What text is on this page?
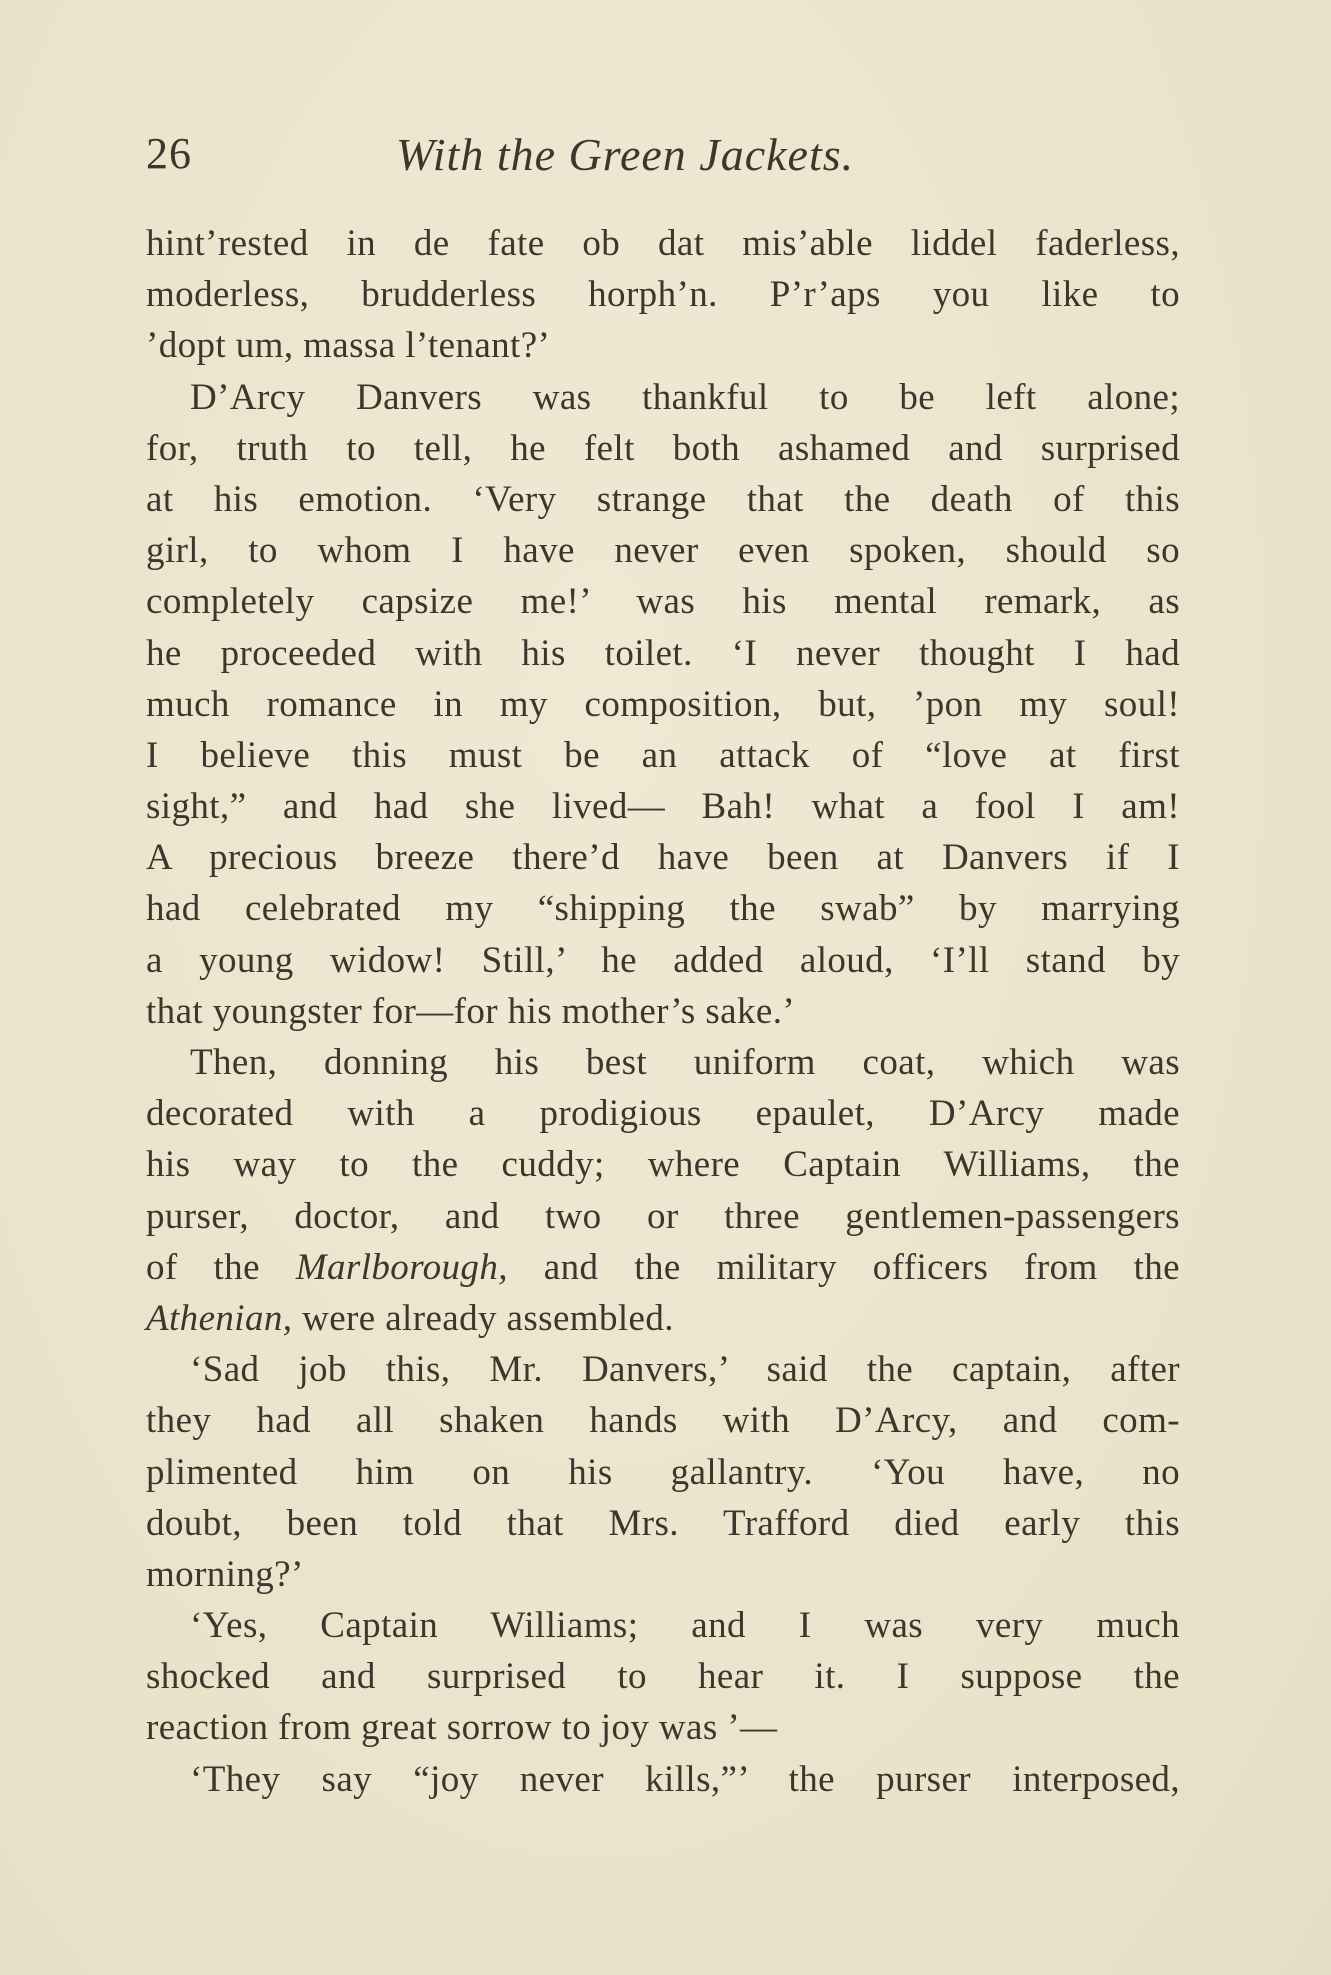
26	With the Green Jackets.
hint’rested in de fate ob dat mis’able liddel faderless,
moderless, brudderless horph’n. P’r’aps you like to
’dopt um, massa l’tenant?’
D’Arcy Danvers was thankful to be left alone;
for, truth to tell, he felt both ashamed and surprised
at his emotion. ‘Very strange that the death of this
girl, to whom I have never even spoken, should so
completely capsize me!’ was his mental remark, as
he proceeded with his toilet. ‘I never thought I had
much romance in my composition, but, ’pon my soul!
I believe this must be an attack of “love at first
sight,” and had she lived— Bah! what a fool I am!
A precious breeze there’d have been at Danvers if I
had celebrated my “shipping the swab” by marrying
a young widow! Still,’ he added aloud, ‘I’ll stand by
that youngster for—for his mother’s sake.’
Then, donning his best uniform coat, which was
decorated with a prodigious epaulet, D’Arcy made
his way to the cuddy; where Captain Williams, the
purser, doctor, and two or three gentlemen-passengers
of the Marlborough, and the military officers from the
Athenian, were already assembled.
‘Sad job this, Mr. Danvers,’ said the captain, after
they had all shaken hands with D’Arcy, and com-
plimented him on his gallantry. ‘You have, no
doubt, been told that Mrs. Trafford died early this
morning?’
‘Yes, Captain Williams; and I was very much
shocked and surprised to hear it. I suppose the
reaction from great sorrow to joy was ’—
‘They say “joy never kills,”’ the purser interposed,
